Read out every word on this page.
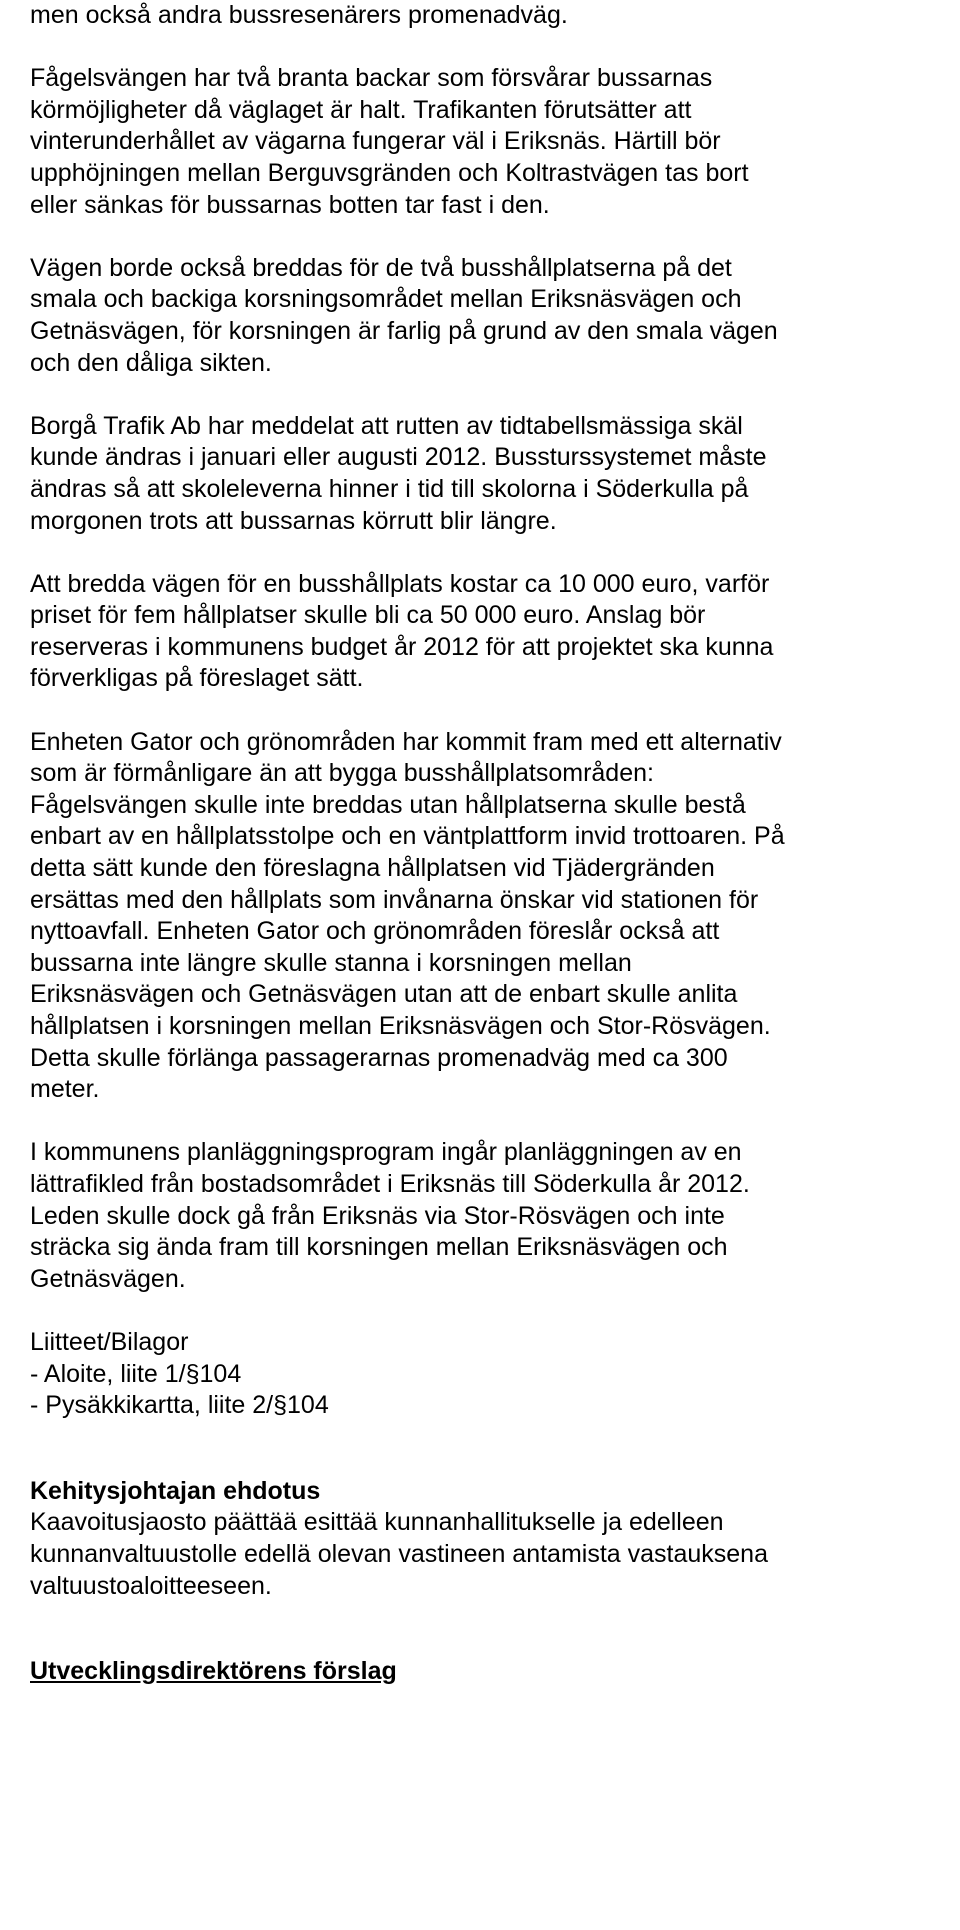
men också andra bussresenärers promenadväg.
Fågelsvängen har två branta backar som försvårar bussarnas
körmöjligheter då väglaget är halt. Trafikanten förutsätter att
vinterunderhållet av vägarna fungerar väl i Eriksnäs. Härtill bör
upphöjningen mellan Berguvsgränden och Koltrastvägen tas bort
eller sänkas för bussarnas botten tar fast i den.
Vägen borde också breddas för de två busshållplatserna på det
smala och backiga korsningsområdet mellan Eriksnäsvägen och
Getnäsvägen, för korsningen är farlig på grund av den smala vägen
och den dåliga sikten.
Borgå Trafik Ab har meddelat att rutten av tidtabellsmässiga skäl
kunde ändras i januari eller augusti 2012. Bussturssystemet måste
ändras så att skoleleverna hinner i tid till skolorna i Söderkulla på
morgonen trots att bussarnas körrutt blir längre.
Att bredda vägen för en busshållplats kostar ca 10 000 euro, varför
priset för fem hållplatser skulle bli ca 50 000 euro. Anslag bör
reserveras i kommunens budget år 2012 för att projektet ska kunna
förverkligas på föreslaget sätt.
Enheten Gator och grönområden har kommit fram med ett alternativ
som är förmånligare än att bygga busshållplatsområden:
Fågelsvängen skulle inte breddas utan hållplatserna skulle bestå
enbart av en hållplatsstolpe och en väntplattform invid trottoaren. På
detta sätt kunde den föreslagna hållplatsen vid Tjädergränden
ersättas med den hållplats som invånarna önskar vid stationen för
nyttoavfall. Enheten Gator och grönområden föreslår också att
bussarna inte längre skulle stanna i korsningen mellan
Eriksnäsvägen och Getnäsvägen utan att de enbart skulle anlita
hållplatsen i korsningen mellan Eriksnäsvägen och Stor-Rösvägen.
Detta skulle förlänga passagerarnas promenadväg med ca 300
meter.
I kommunens planläggningsprogram ingår planläggningen av en
lättrafikled från bostadsområdet i Eriksnäs till Söderkulla år 2012.
Leden skulle dock gå från Eriksnäs via Stor-Rösvägen och inte
sträcka sig ända fram till korsningen mellan Eriksnäsvägen och
Getnäsvägen.
Liitteet/Bilagor
- Aloite, liite 1/§104
- Pysäkkikartta, liite 2/§104
Kehitysjohtajan ehdotus
Kaavoitusjaosto päättää esittää kunnanhallitukselle ja edelleen
kunnanvaltuustolle edellä olevan vastineen antamista vastauksena
valtuustoaloitteeseen.
Utvecklingsdirektörens förslag
